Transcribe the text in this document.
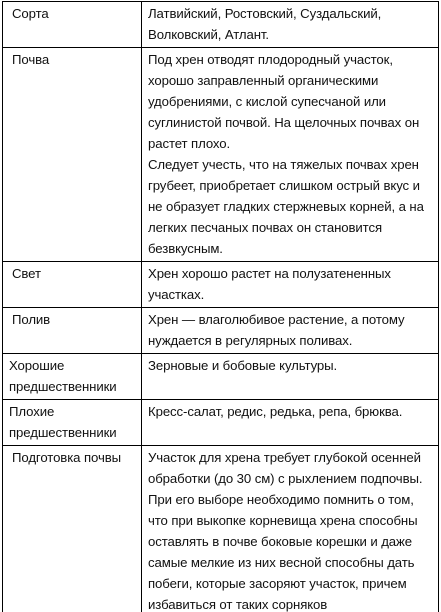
Сорта	Латвийский, Ростовский, Суздальский, Волковский, Атлант.

Почва	Под хрен отводят плодородный участок, хорошо заправленный органическими удобрениями, с кислой супесчаной или суглинистой почвой. На щелочных почвах он растет плохо.

Следует учесть, что на тяжелых почвах хрен грубеет, приобретает слишком острый вкус и не образует гладких стержневых корней, а на легких песчаных почвах он становится безвкусным.

Свет	Хрен хорошо растет на полузатененных участках.

Полив	Хрен — влаголюбивое растение, а потому нуждается в регулярных поливах.

Хорошие предшественники	Зерновые и бобовые культуры.

Плохие предшественники	Кресс-салат, редис, редька, репа, брюква.

Подготовка почвы	Участок для хрена требует глубокой осенней обработки (до 30 см) с рыхлением подпочвы. При его выборе необходимо помнить о том, что при выкопке корневища хрена способны оставлять в почве боковые корешки и даже самые мелкие из них весной способны дать побеги, которые засоряют участок, причем избавиться от таких сорняков
